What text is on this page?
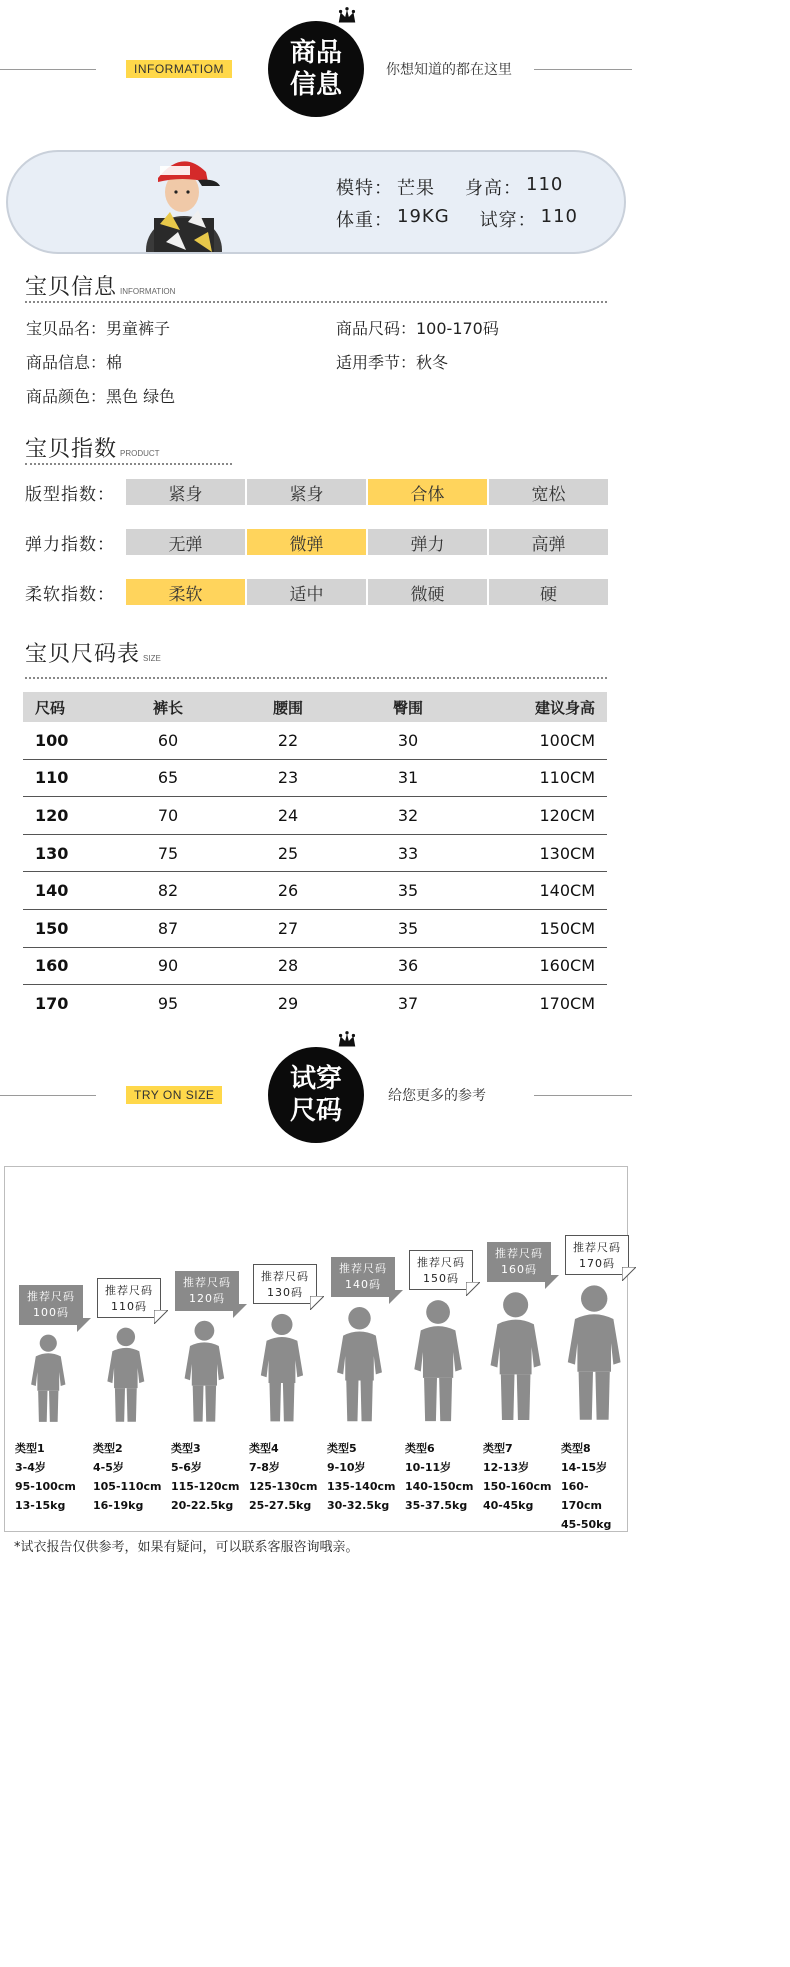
INFORMATIOM
商品
信息	你想知道的都在这里
模特： 芒果 身高： 110
体重： 19KG 试穿： 110
宝贝信息 INFORMATION
宝贝品名：男童裤子	商品尺码：100-170码
商品信息：棉	适用季节：秋冬
商品颜色：黑色 绿色
宝贝指数 PRODUCT
版型指数：	紧身	紧身	合体	宽松
弹力指数：	无弹	微弹	弹力	高弹
柔软指数：	柔软	适中	微硬	硬
宝贝尺码表 SIZE
尺码	裤长	腰围	臀围	建议身高
100	60	22	30	100CM
110	65	23	31	110CM
120	70	24	32	120CM
130	75	25	33	130CM
140	82	26	35	140CM
150	87	27	35	150CM
160	90	28	36	160CM
170	95	29	37	170CM
TRY ON SIZE
试穿
尺码	给您更多的参考
推荐尺码
100码
类型1
3-4岁
95-100cm
13-15kg
推荐尺码
110码
类型2
4-5岁
105-110cm
16-19kg
推荐尺码
120码
类型3
5-6岁
115-120cm
20-22.5kg
推荐尺码
130码
类型4
7-8岁
125-130cm
25-27.5kg
推荐尺码
140码
类型5
9-10岁
135-140cm
30-32.5kg
推荐尺码
150码
类型6
10-11岁
140-150cm
35-37.5kg
推荐尺码
160码
类型7
12-13岁
150-160cm
40-45kg
推荐尺码
170码
类型8
14-15岁
160-170cm
45-50kg
*试衣报告仅供参考，如果有疑问，可以联系客服咨询哦亲。
